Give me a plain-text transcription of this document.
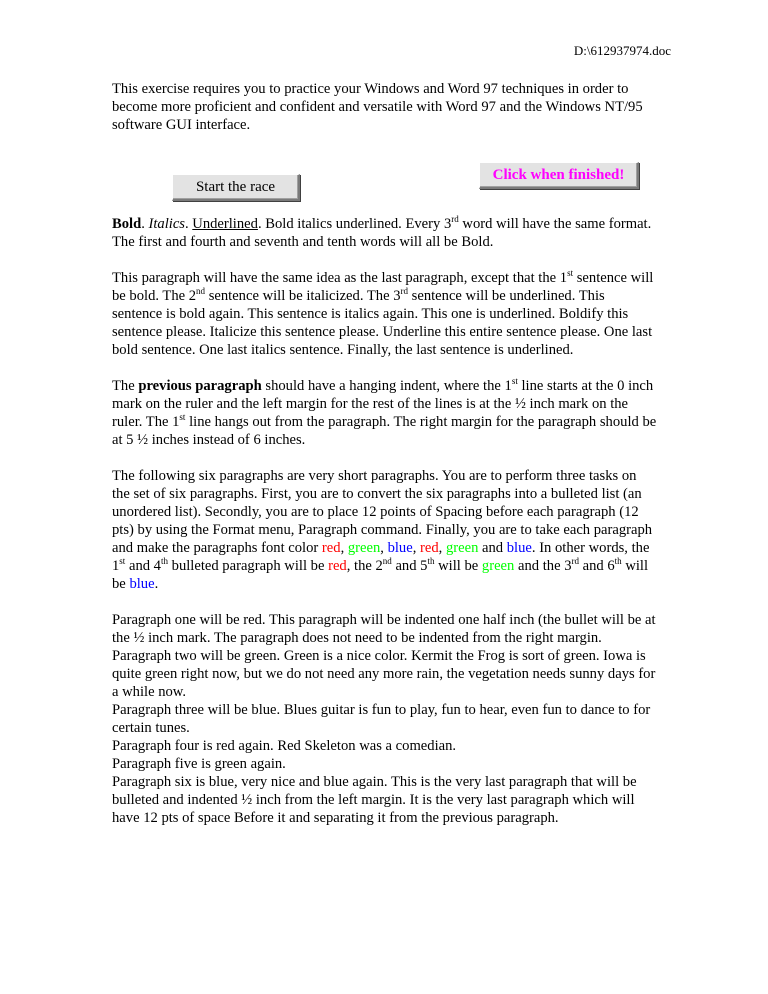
D:\612937974.doc

This exercise requires you to practice your Windows and Word 97 techniques in order to become more proficient and confident and versatile with Word 97 and the Windows NT/95 software GUI interface.

Start the race
Click when finished!

Bold. Italics. Underlined. Bold italics underlined. Every 3rd word will have the same format. The first and fourth and seventh and tenth words will all be Bold.

This paragraph will have the same idea as the last paragraph, except that the 1st sentence will be bold. The 2nd sentence will be italicized. The 3rd sentence will be underlined. This sentence is bold again. This sentence is italics again. This one is underlined. Boldify this sentence please. Italicize this sentence please. Underline this entire sentence please. One last bold sentence. One last italics sentence. Finally, the last sentence is underlined.

The previous paragraph should have a hanging indent, where the 1st line starts at the 0 inch mark on the ruler and the left margin for the rest of the lines is at the ½ inch mark on the ruler. The 1st line hangs out from the paragraph. The right margin for the paragraph should be at 5 ½ inches instead of 6 inches.

The following six paragraphs are very short paragraphs. You are to perform three tasks on the set of six paragraphs. First, you are to convert the six paragraphs into a bulleted list (an unordered list). Secondly, you are to place 12 points of Spacing before each paragraph (12 pts) by using the Format menu, Paragraph command. Finally, you are to take each paragraph and make the paragraphs font color red, green, blue, red, green and blue. In other words, the 1st and 4th bulleted paragraph will be red, the 2nd and 5th will be green and the 3rd and 6th will be blue.

Paragraph one will be red. This paragraph will be indented one half inch (the bullet will be at the ½ inch mark. The paragraph does not need to be indented from the right margin.

Paragraph two will be green. Green is a nice color. Kermit the Frog is sort of green. Iowa is quite green right now, but we do not need any more rain, the vegetation needs sunny days for a while now.

Paragraph three will be blue. Blues guitar is fun to play, fun to hear, even fun to dance to for certain tunes.

Paragraph four is red again. Red Skeleton was a comedian.

Paragraph five is green again.

Paragraph six is blue, very nice and blue again. This is the very last paragraph that will be bulleted and indented ½ inch from the left margin. It is the very last paragraph which will have 12 pts of space Before it and separating it from the previous paragraph.
